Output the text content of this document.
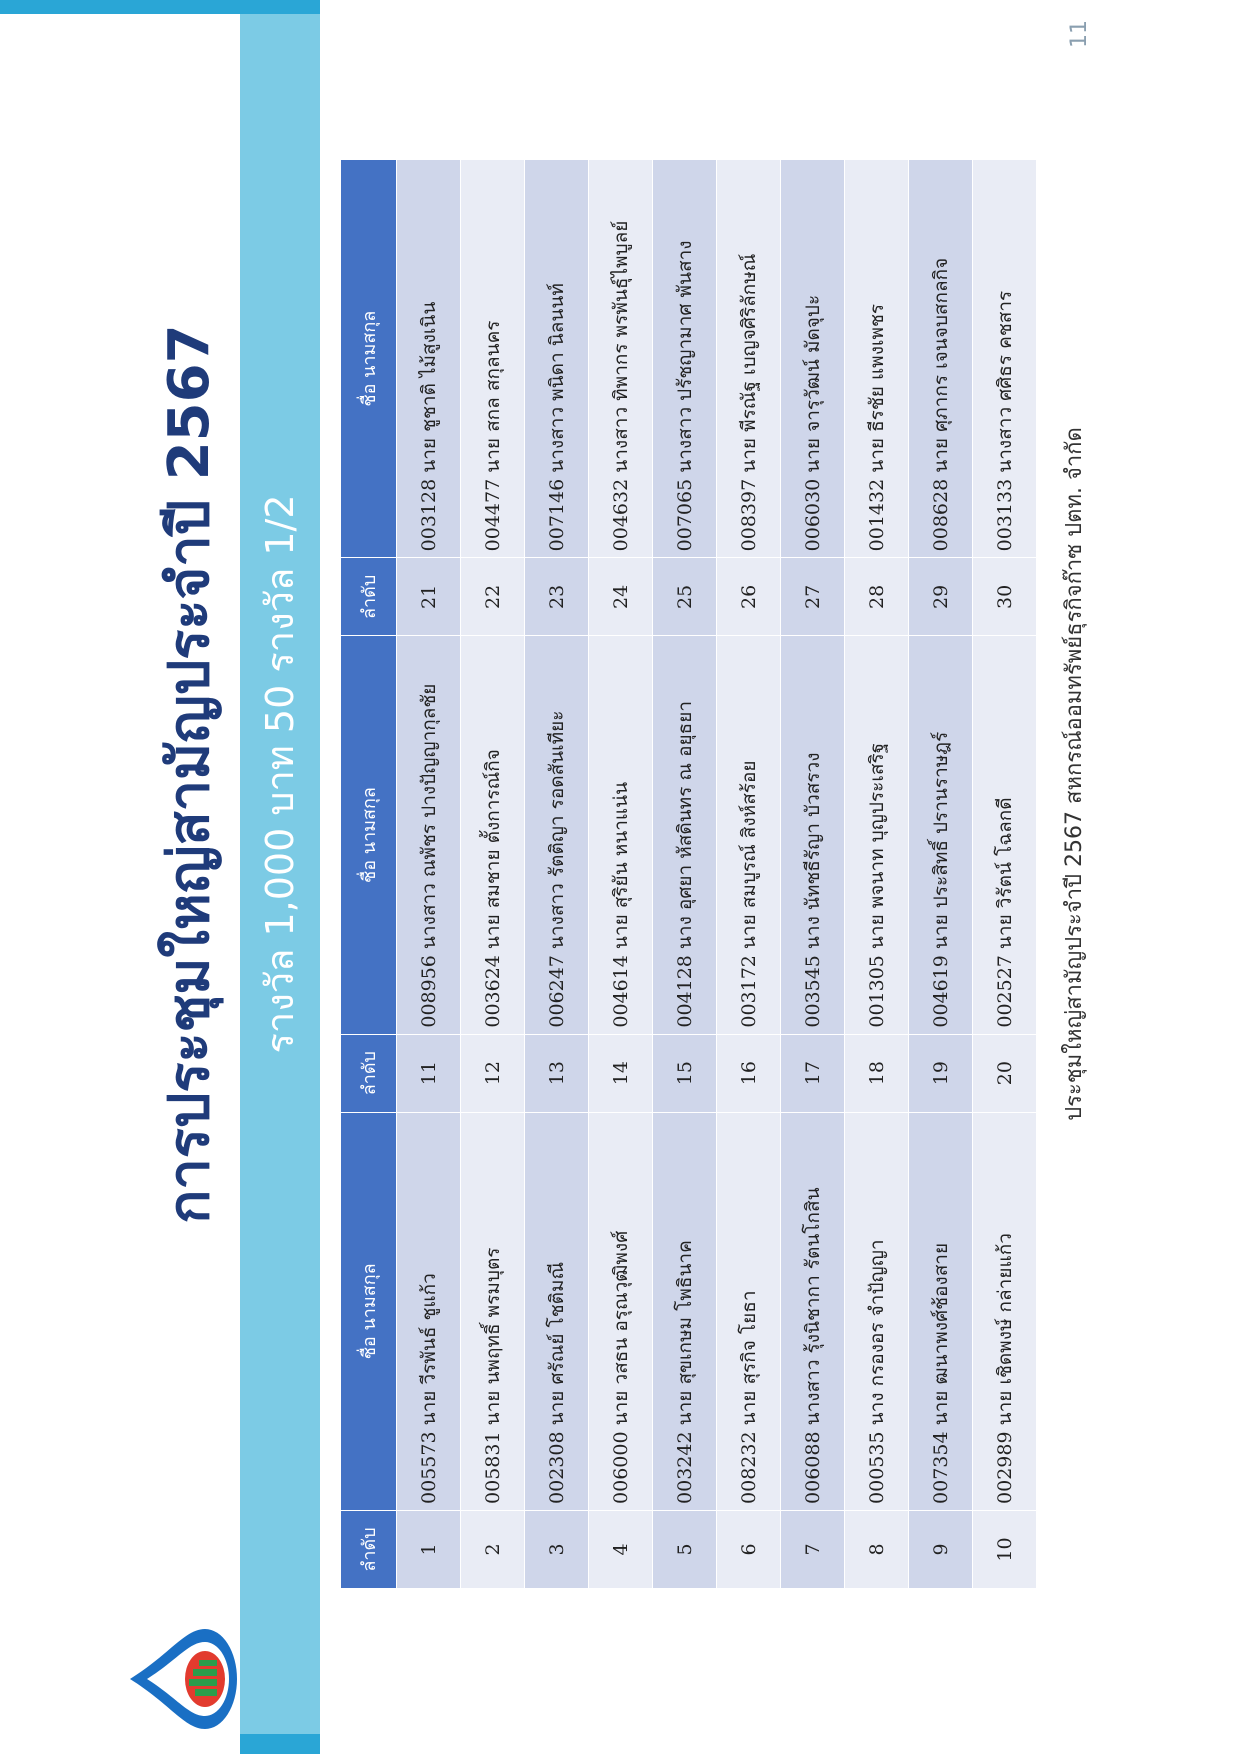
การประชุมใหญ่สามัญประจำปี 2567 รางวัล 1,000 บาท 50 รางวัล 1/2
11
ลำดับ	ชื่อ นามสกุล	ลำดับ	ชื่อ นามสกุล	ลำดับ	ชื่อ นามสกุล
1	005573 นาย วีรพันธ์ ชูแก้ว	11	008956 นางสาว ณพัชร ปางปัญญากุลชัย	21	003128 นาย ชูชาติ ไม้สูงเนิน
2	005831 นาย นพฤทธิ์ พรมบุตร	12	003624 นาย สมชาย ตั้งการณ์กิจ	22	004477 นาย สกล สกุลนคร
3	002308 นาย ศรัณย์ โชติมณี	13	006247 นางสาว รัตติญา รอดสันเทียะ	23	007146 นางสาว พนิดา นิลนนท์
4	006000 นาย วสธน อรุณวุฒิพงศ์	14	004614 นาย สุริยัน หนาแน่น	24	004632 นางสาว ทิพากร พรพันธุ์ไพบูลย์
5	003242 นาย สุขเกษม โพธินาค	15	004128 นาง อุศยา หัสดินทร ณ อยุธยา	25	007065 นางสาว ปรัชญามาศ พันสาง
6	008232 นาย สุรกิจ โยธา	16	003172 นาย สมบูรณ์ สิงห์สร้อย	26	008397 นาย พีรณัฐ เบญจศิริลักษณ์
7	006088 นางสาว รุ้งนิชากา รัตนโกสิน	17	003545 นาง นัทชธีรัญา บัวสรวง	27	006030 นาย จารุวัฒน์ มัดจุปะ
8	000535 นาง กรองอร จำปัญญา	18	001305 นาย พจนาท บุญประเสริฐ	28	001432 นาย ธีรชัย แพงเพชร
9	007354 นาย ฒนาพงศ์ช้องสาย	19	004619 นาย ประสิทธิ์ ปรานราษฎร์	29	008628 นาย ศุภากร เจนจบสกลกิจ
10	002989 นาย เชิดพงษ์ กล่ายแก้ว	20	002527 นาย วิรัตน์ โฉลกดี	30	003133 นางสาว ศศิธร คชสาร
ประชุมใหญ่สามัญประจำปี 2567 สหกรณ์ออมทรัพย์ธุรกิจก๊าซ ปตท. จำกัด
